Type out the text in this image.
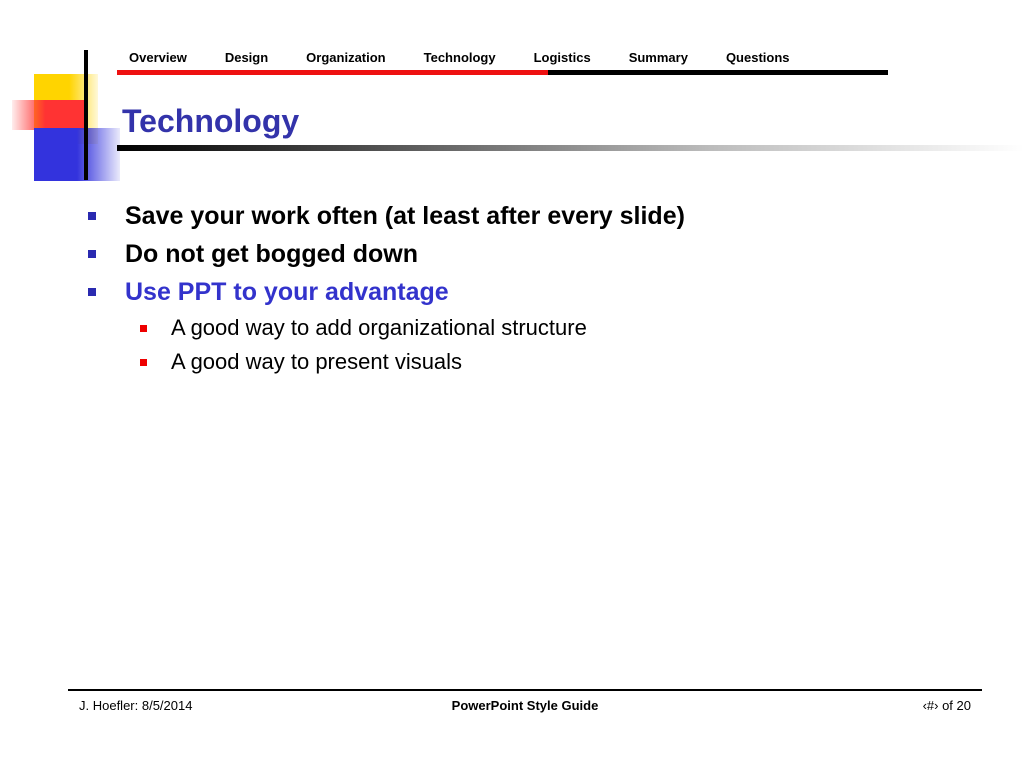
Overview	Design	Organization	Technology	Logistics	Summary	Questions
Technology
Save your work often (at least after every slide)
Do not get bogged down
Use PPT to your advantage
A good way to add organizational structure
A good way to present visuals
J. Hoefler: 8/5/2014	PowerPoint Style Guide	‹#› of 20
